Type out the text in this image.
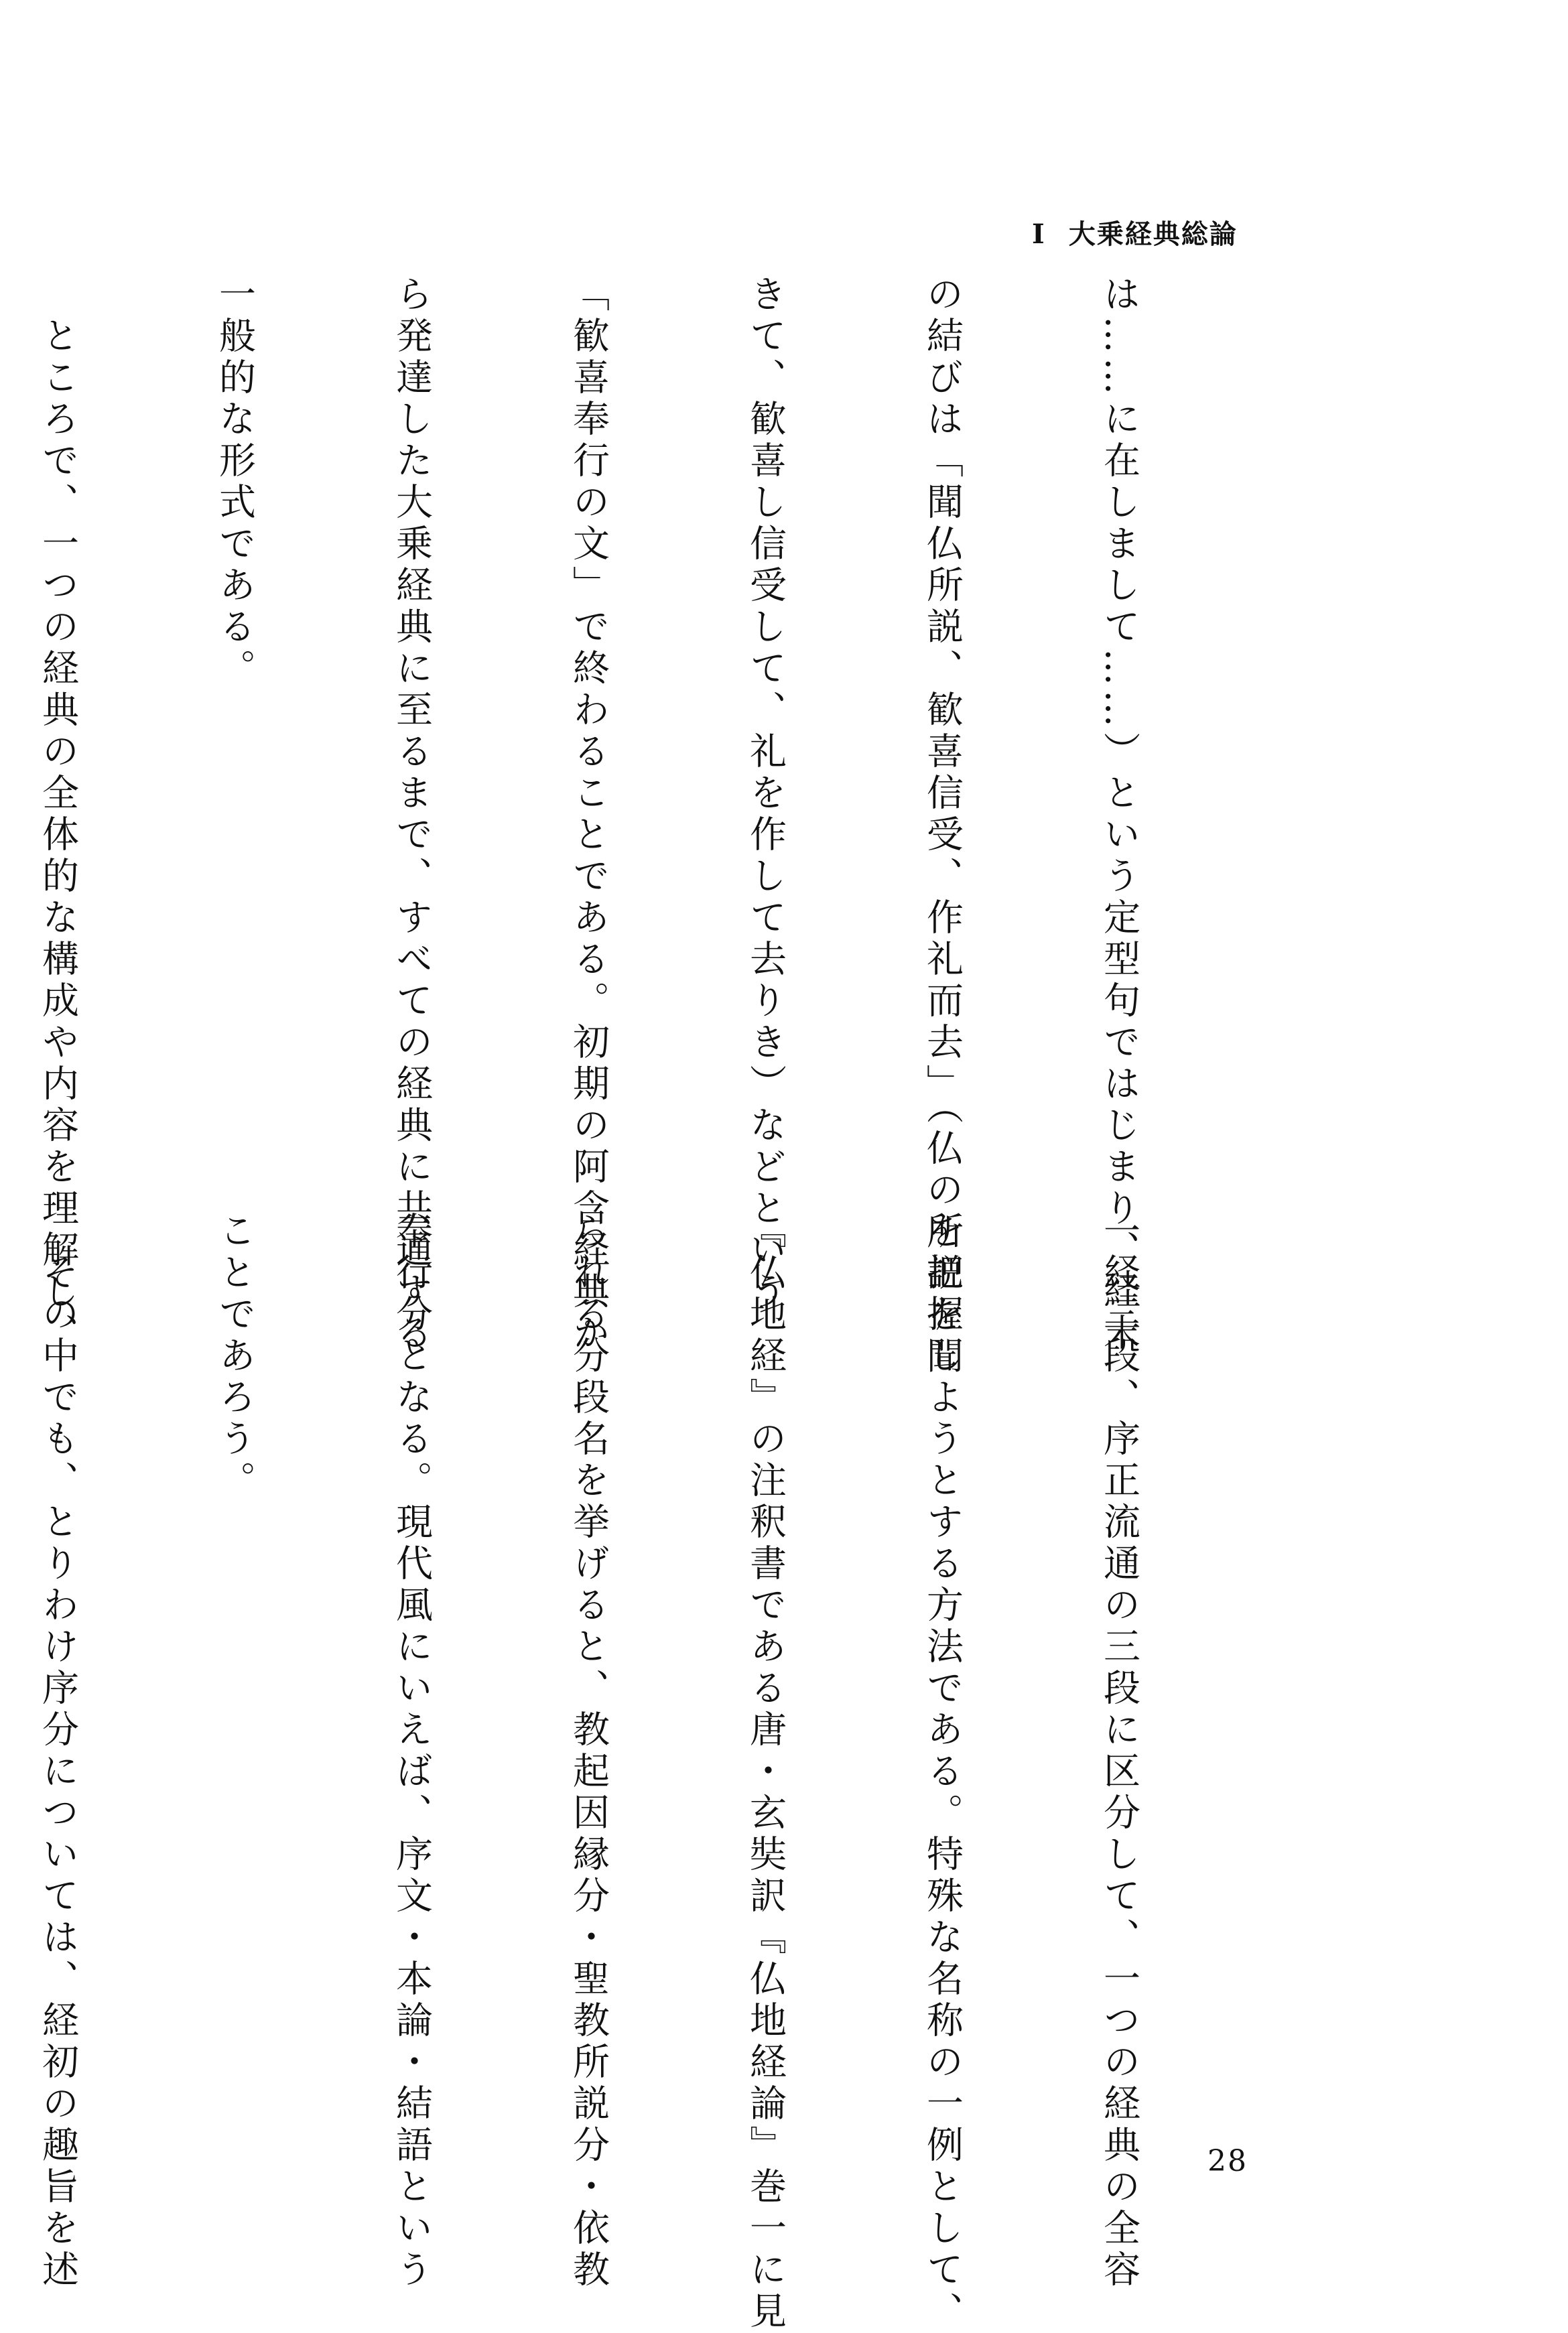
I 大乗経典総論

は……に在しまして……）という定型句ではじまり、経末

の結びは「聞仏所説、歓喜信受、作礼而去」（仏の所説を聞

きて、歓喜し信受して、礼を作して去りき）などという

「歓喜奉行の文」で終わることである。初期の阿含経典か

ら発達した大乗経典に至るまで、すべての経典に共通する

一般的な形式である。

　ところで、一つの経典の全体的な構成や内容を理解し、

一経三段、序正流通の三段に区分して、一つの経典の全容

を把握しようとする方法である。特殊な名称の一例として、

『仏地経』の注釈書である唐・玄奘訳『仏地経論』巻一に見

られる分段名を挙げると、教起因縁分・聖教所説分・依教

奉行分となる。現代風にいえば、序文・本論・結語という

ことであろう。

　その中でも、とりわけ序分については、経初の趣旨を述

	28
